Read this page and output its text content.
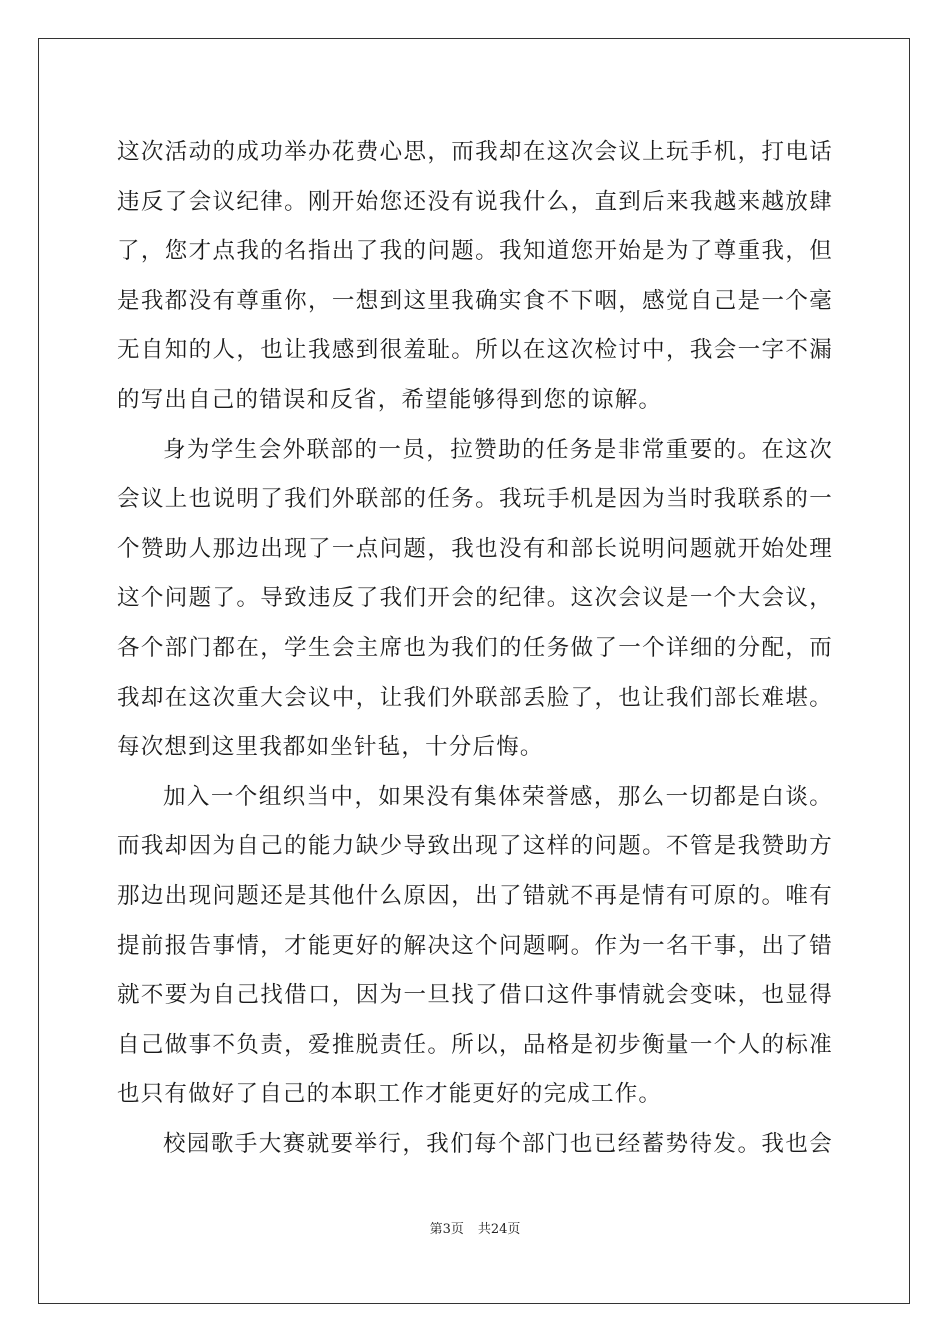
这次活动的成功举办花费心思，而我却在这次会议上玩手机，打电话
违反了会议纪律。刚开始您还没有说我什么，直到后来我越来越放肆
了，您才点我的名指出了我的问题。我知道您开始是为了尊重我，但
是我都没有尊重你，一想到这里我确实食不下咽，感觉自己是一个毫
无自知的人，也让我感到很羞耻。所以在这次检讨中，我会一字不漏
的写出自己的错误和反省，希望能够得到您的谅解。
身为学生会外联部的一员，拉赞助的任务是非常重要的。在这次
会议上也说明了我们外联部的任务。我玩手机是因为当时我联系的一
个赞助人那边出现了一点问题，我也没有和部长说明问题就开始处理
这个问题了。导致违反了我们开会的纪律。这次会议是一个大会议，
各个部门都在，学生会主席也为我们的任务做了一个详细的分配，而
我却在这次重大会议中，让我们外联部丢脸了，也让我们部长难堪。
每次想到这里我都如坐针毡，十分后悔。
加入一个组织当中，如果没有集体荣誉感，那么一切都是白谈。
而我却因为自己的能力缺少导致出现了这样的问题。不管是我赞助方
那边出现问题还是其他什么原因，出了错就不再是情有可原的。唯有
提前报告事情，才能更好的解决这个问题啊。作为一名干事，出了错
就不要为自己找借口，因为一旦找了借口这件事情就会变味，也显得
自己做事不负责，爱推脱责任。所以，品格是初步衡量一个人的标准
也只有做好了自己的本职工作才能更好的完成工作。
校园歌手大赛就要举行，我们每个部门也已经蓄势待发。我也会
第3页 共24页
